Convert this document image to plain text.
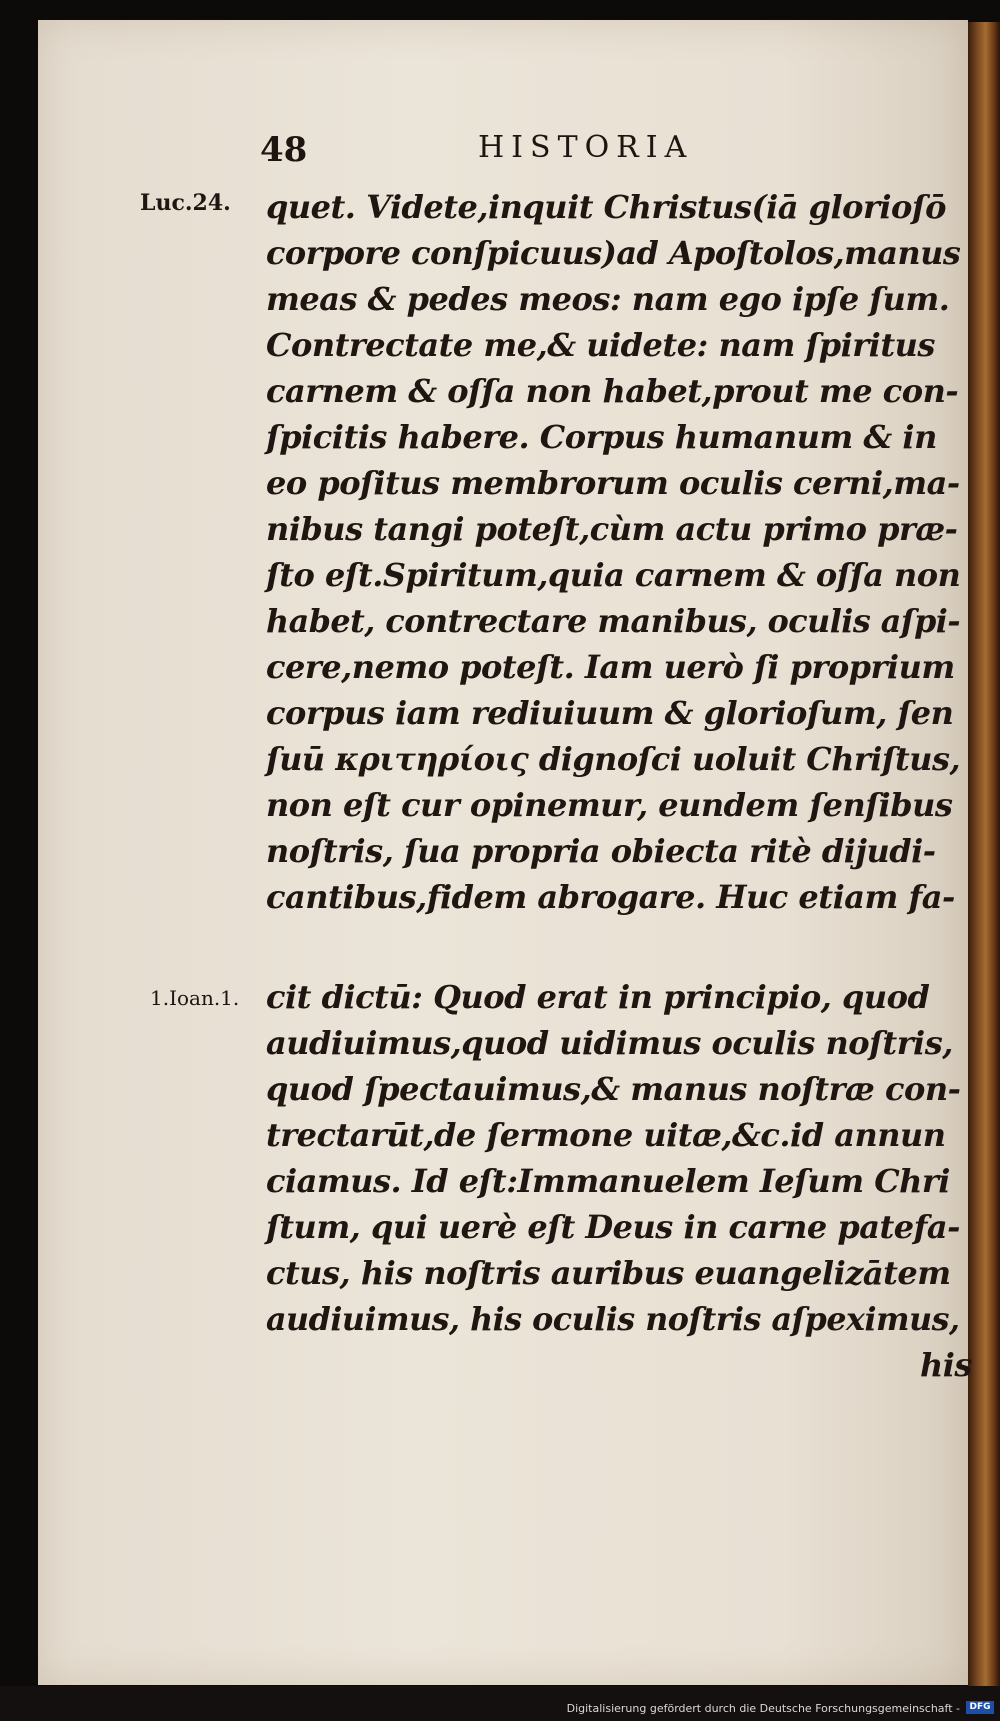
48	HISTORIA
Luc.24.
1.Ioan.1.
quet. Videte,inquit Christus(iā glorioſō
corpore conſpicuus)ad Apoſtolos,manus
meas & pedes meos: nam ego ipſe ſum.
Contrectate me,& uidete: nam ſpiritus
carnem & oſſa non habet,prout me con-
ſpicitis habere. Corpus humanum & in
eo poſitus membrorum oculis cerni,ma-
nibus tangi poteſt,cùm actu primo præ-
ſto eſt.Spiritum,quia carnem & oſſa non
habet, contrectare manibus, oculis aſpi-
cere,nemo poteſt. Iam uerò ſi proprium
corpus iam rediuiuum & glorioſum, ſen
ſuū κριτηρίοις dignoſci uoluit Chriſtus,
non eſt cur opinemur, eundem ſenſibus
noſtris, ſua propria obiecta ritè dijudi-
cantibus,fidem abrogare. Huc etiam fa-
cit dictū: Quod erat in principio, quod
audiuimus,quod uidimus oculis noſtris,
quod ſpectauimus,& manus noſtræ con-
trectarūt,de ſermone uitæ,&c.id annun
ciamus. Id eſt:Immanuelem Ieſum Chri
ſtum, qui uerè eſt Deus in carne patefa-
ctus, his noſtris auribus euangelizātem
audiuimus, his oculis noſtris aſpeximus,
his
Digitalisierung gefördert durch die Deutsche Forschungsgemeinschaft -	DFG
